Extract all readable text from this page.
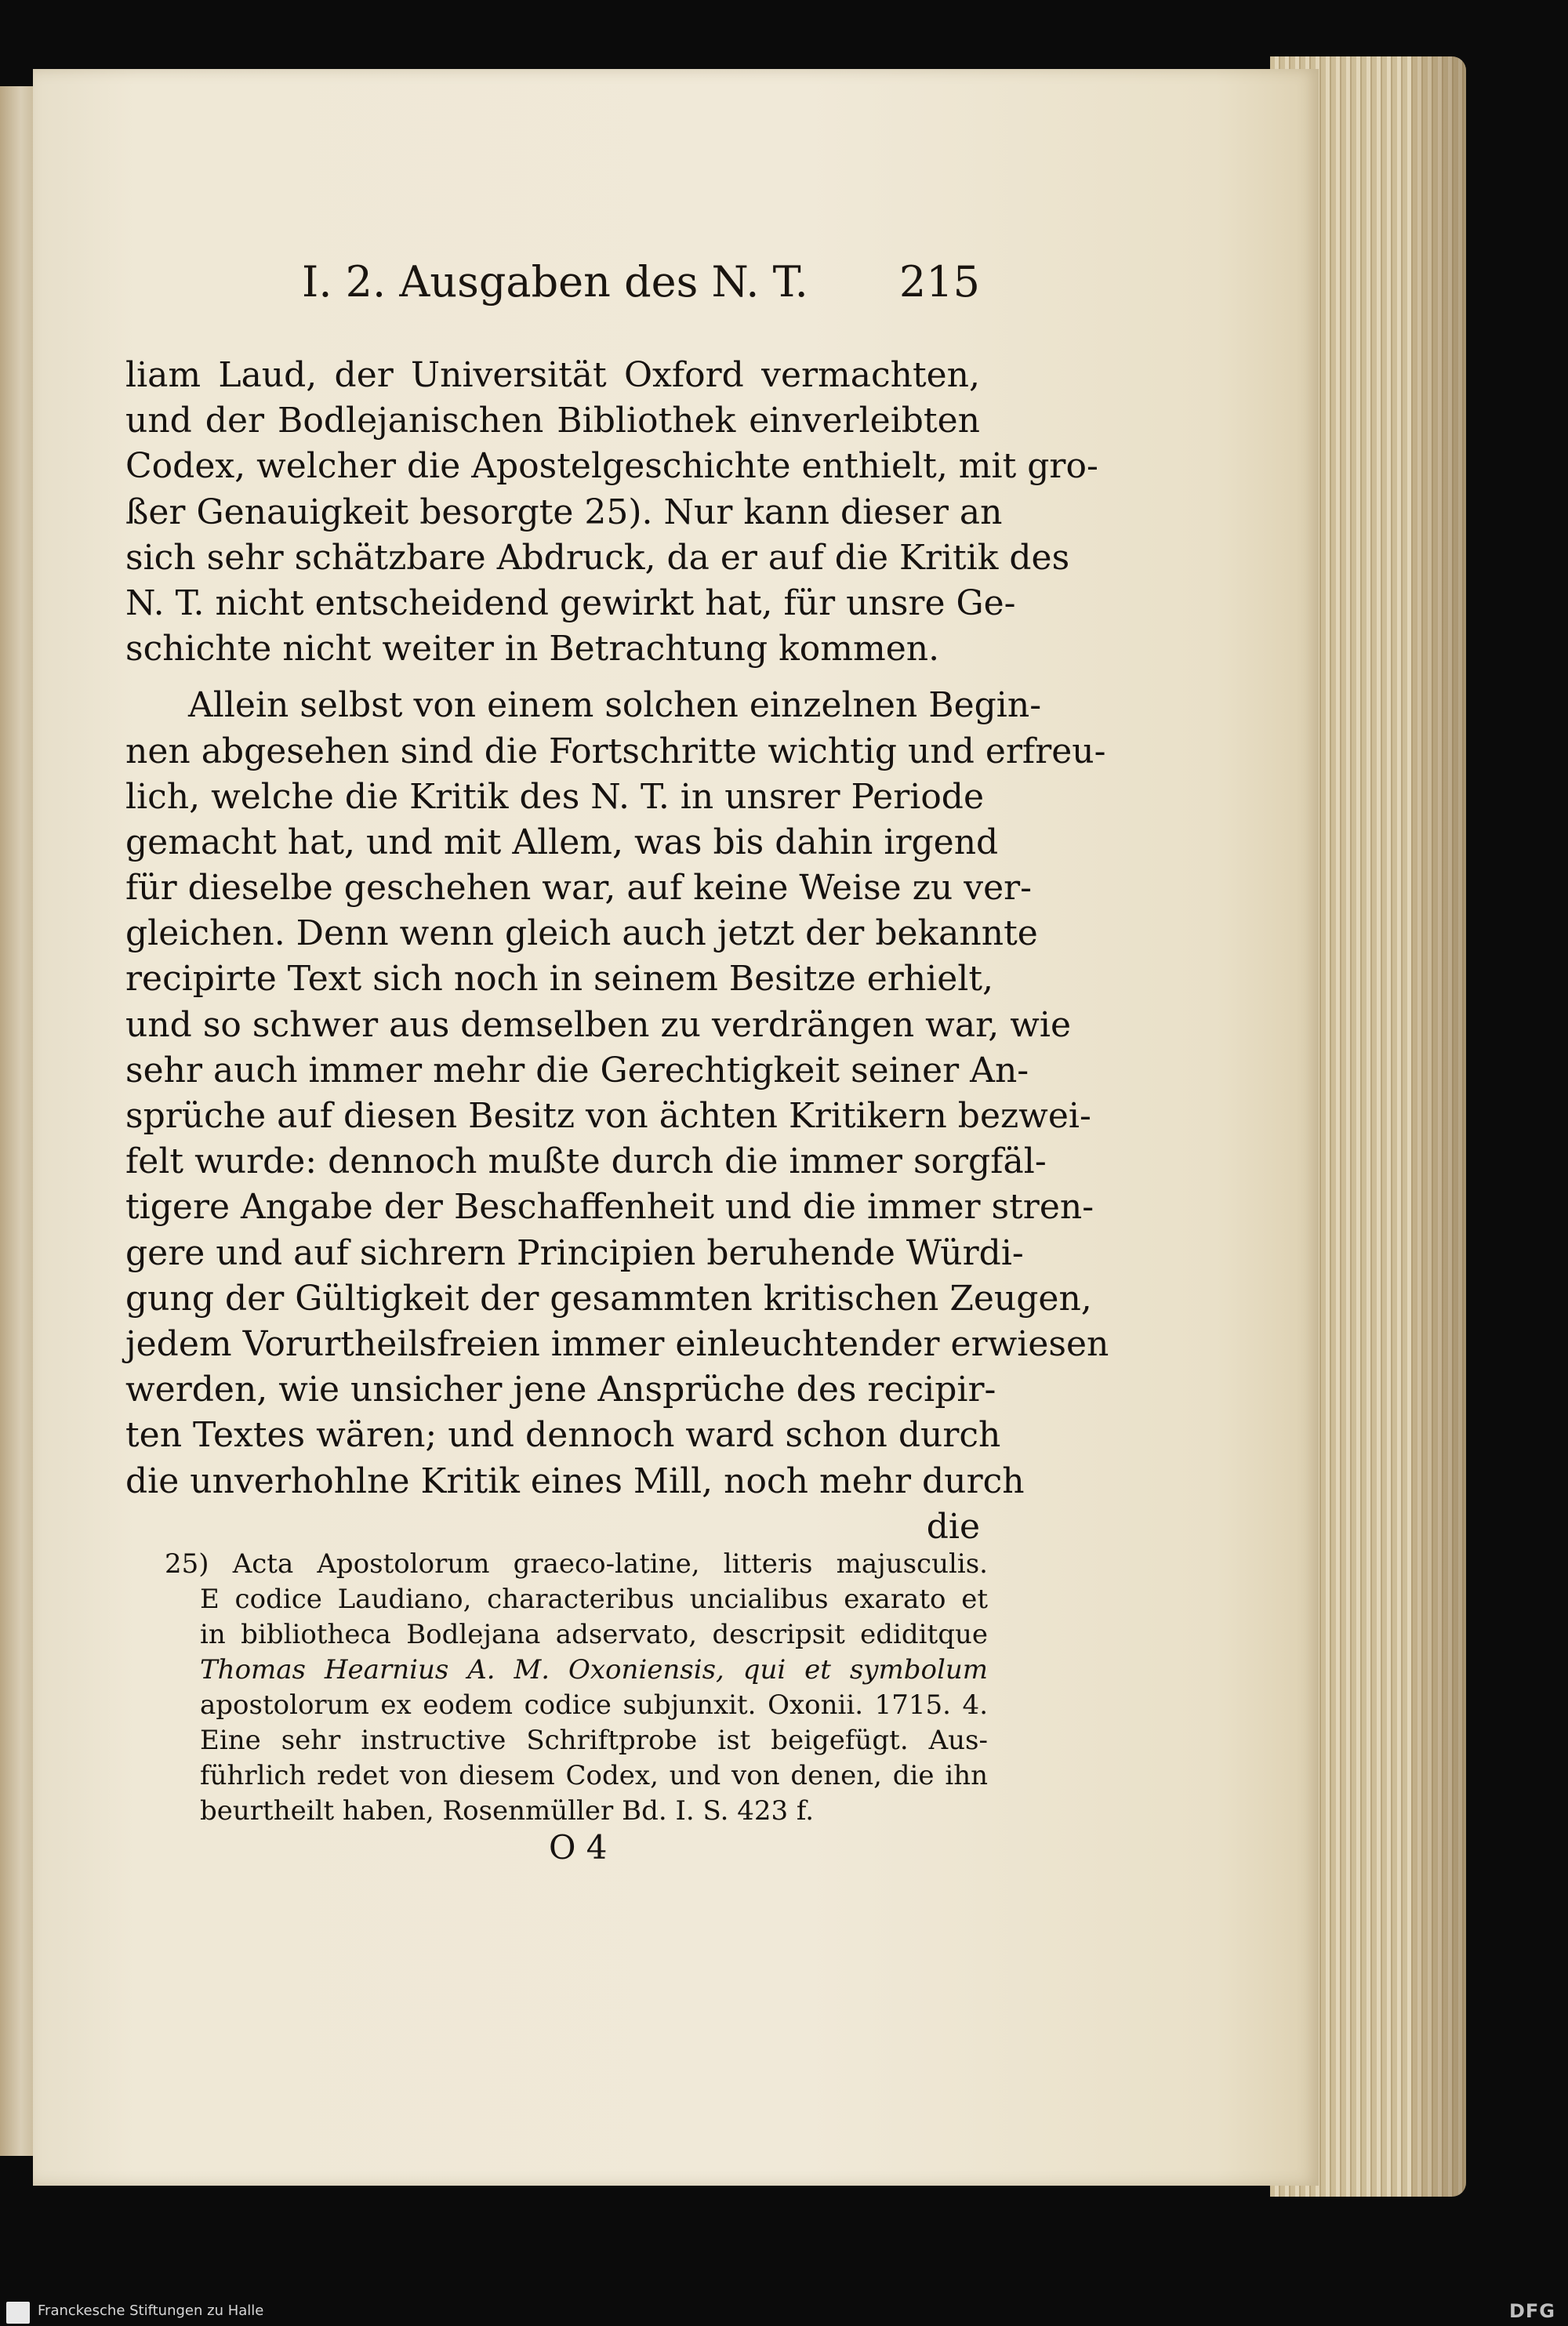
I. 2. Ausgaben des N. T. 215
liam Laud, der Universität Oxford vermachten,
und der Bodlejanischen Bibliothek einverleibten
Codex, welcher die Apostelgeschichte enthielt, mit gro-
ßer Genauigkeit besorgte 25). Nur kann dieser an
sich sehr schätzbare Abdruck, da er auf die Kritik des
N. T. nicht entscheidend gewirkt hat, für unsre Ge-
schichte nicht weiter in Betrachtung kommen.
Allein selbst von einem solchen einzelnen Begin-
nen abgesehen sind die Fortschritte wichtig und erfreu-
lich, welche die Kritik des N. T. in unsrer Periode
gemacht hat, und mit Allem, was bis dahin irgend
für dieselbe geschehen war, auf keine Weise zu ver-
gleichen. Denn wenn gleich auch jetzt der bekannte
recipirte Text sich noch in seinem Besitze erhielt,
und so schwer aus demselben zu verdrängen war, wie
sehr auch immer mehr die Gerechtigkeit seiner An-
sprüche auf diesen Besitz von ächten Kritikern bezwei-
felt wurde: dennoch mußte durch die immer sorgfäl-
tigere Angabe der Beschaffenheit und die immer stren-
gere und auf sichrern Principien beruhende Würdi-
gung der Gültigkeit der gesammten kritischen Zeugen,
jedem Vorurtheilsfreien immer einleuchtender erwiesen
werden, wie unsicher jene Ansprüche des recipir-
ten Textes wären; und dennoch ward schon durch
die unverhohlne Kritik eines Mill, noch mehr durch
die
25) Acta Apostolorum graeco-latine, litteris majusculis.
E codice Laudiano, characteribus uncialibus exarato et
in bibliotheca Bodlejana adservato, descripsit ediditque
Thomas Hearnius A. M. Oxoniensis, qui et symbolum
apostolorum ex eodem codice subjunxit. Oxonii. 1715. 4.
Eine sehr instructive Schriftprobe ist beigefügt. Aus-
führlich redet von diesem Codex, und von denen, die ihn
beurtheilt haben, Rosenmüller Bd. I. S. 423 f.
O 4
Franckesche Stiftungen zu Halle	DFG
